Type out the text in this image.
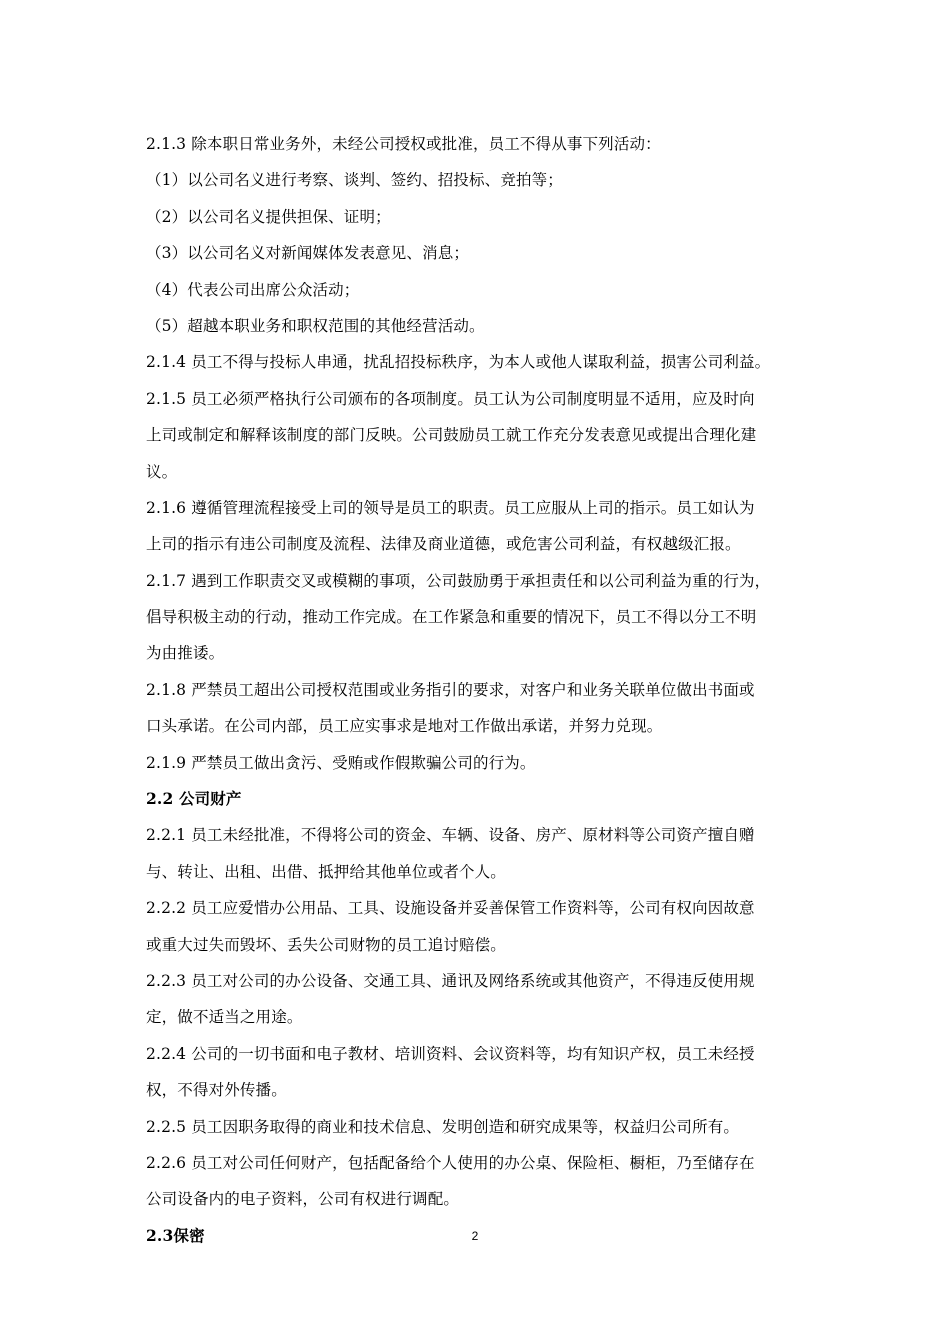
2.1.3 除本职日常业务外，未经公司授权或批准，员工不得从事下列活动：
（1）以公司名义进行考察、谈判、签约、招投标、竞拍等；
（2）以公司名义提供担保、证明；
（3）以公司名义对新闻媒体发表意见、消息；
（4）代表公司出席公众活动；
（5）超越本职业务和职权范围的其他经营活动。
2.1.4 员工不得与投标人串通，扰乱招投标秩序，为本人或他人谋取利益，损害公司利益。
2.1.5 员工必须严格执行公司颁布的各项制度。员工认为公司制度明显不适用，应及时向
上司或制定和解释该制度的部门反映。公司鼓励员工就工作充分发表意见或提出合理化建
议。
2.1.6 遵循管理流程接受上司的领导是员工的职责。员工应服从上司的指示。员工如认为
上司的指示有违公司制度及流程、法律及商业道德，或危害公司利益，有权越级汇报。
2.1.7 遇到工作职责交叉或模糊的事项，公司鼓励勇于承担责任和以公司利益为重的行为，
倡导积极主动的行动，推动工作完成。在工作紧急和重要的情况下，员工不得以分工不明
为由推诿。
2.1.8 严禁员工超出公司授权范围或业务指引的要求，对客户和业务关联单位做出书面或
口头承诺。在公司内部，员工应实事求是地对工作做出承诺，并努力兑现。
2.1.9 严禁员工做出贪污、受贿或作假欺骗公司的行为。
2.2 公司财产
2.2.1 员工未经批准，不得将公司的资金、车辆、设备、房产、原材料等公司资产擅自赠
与、转让、出租、出借、抵押给其他单位或者个人。
2.2.2 员工应爱惜办公用品、工具、设施设备并妥善保管工作资料等，公司有权向因故意
或重大过失而毁坏、丢失公司财物的员工追讨赔偿。
2.2.3 员工对公司的办公设备、交通工具、通讯及网络系统或其他资产，不得违反使用规
定，做不适当之用途。
2.2.4 公司的一切书面和电子教材、培训资料、会议资料等，均有知识产权，员工未经授
权，不得对外传播。
2.2.5 员工因职务取得的商业和技术信息、发明创造和研究成果等，权益归公司所有。
2.2.6 员工对公司任何财产，包括配备给个人使用的办公桌、保险柜、橱柜，乃至储存在
公司设备内的电子资料，公司有权进行调配。
2.3保密	2
